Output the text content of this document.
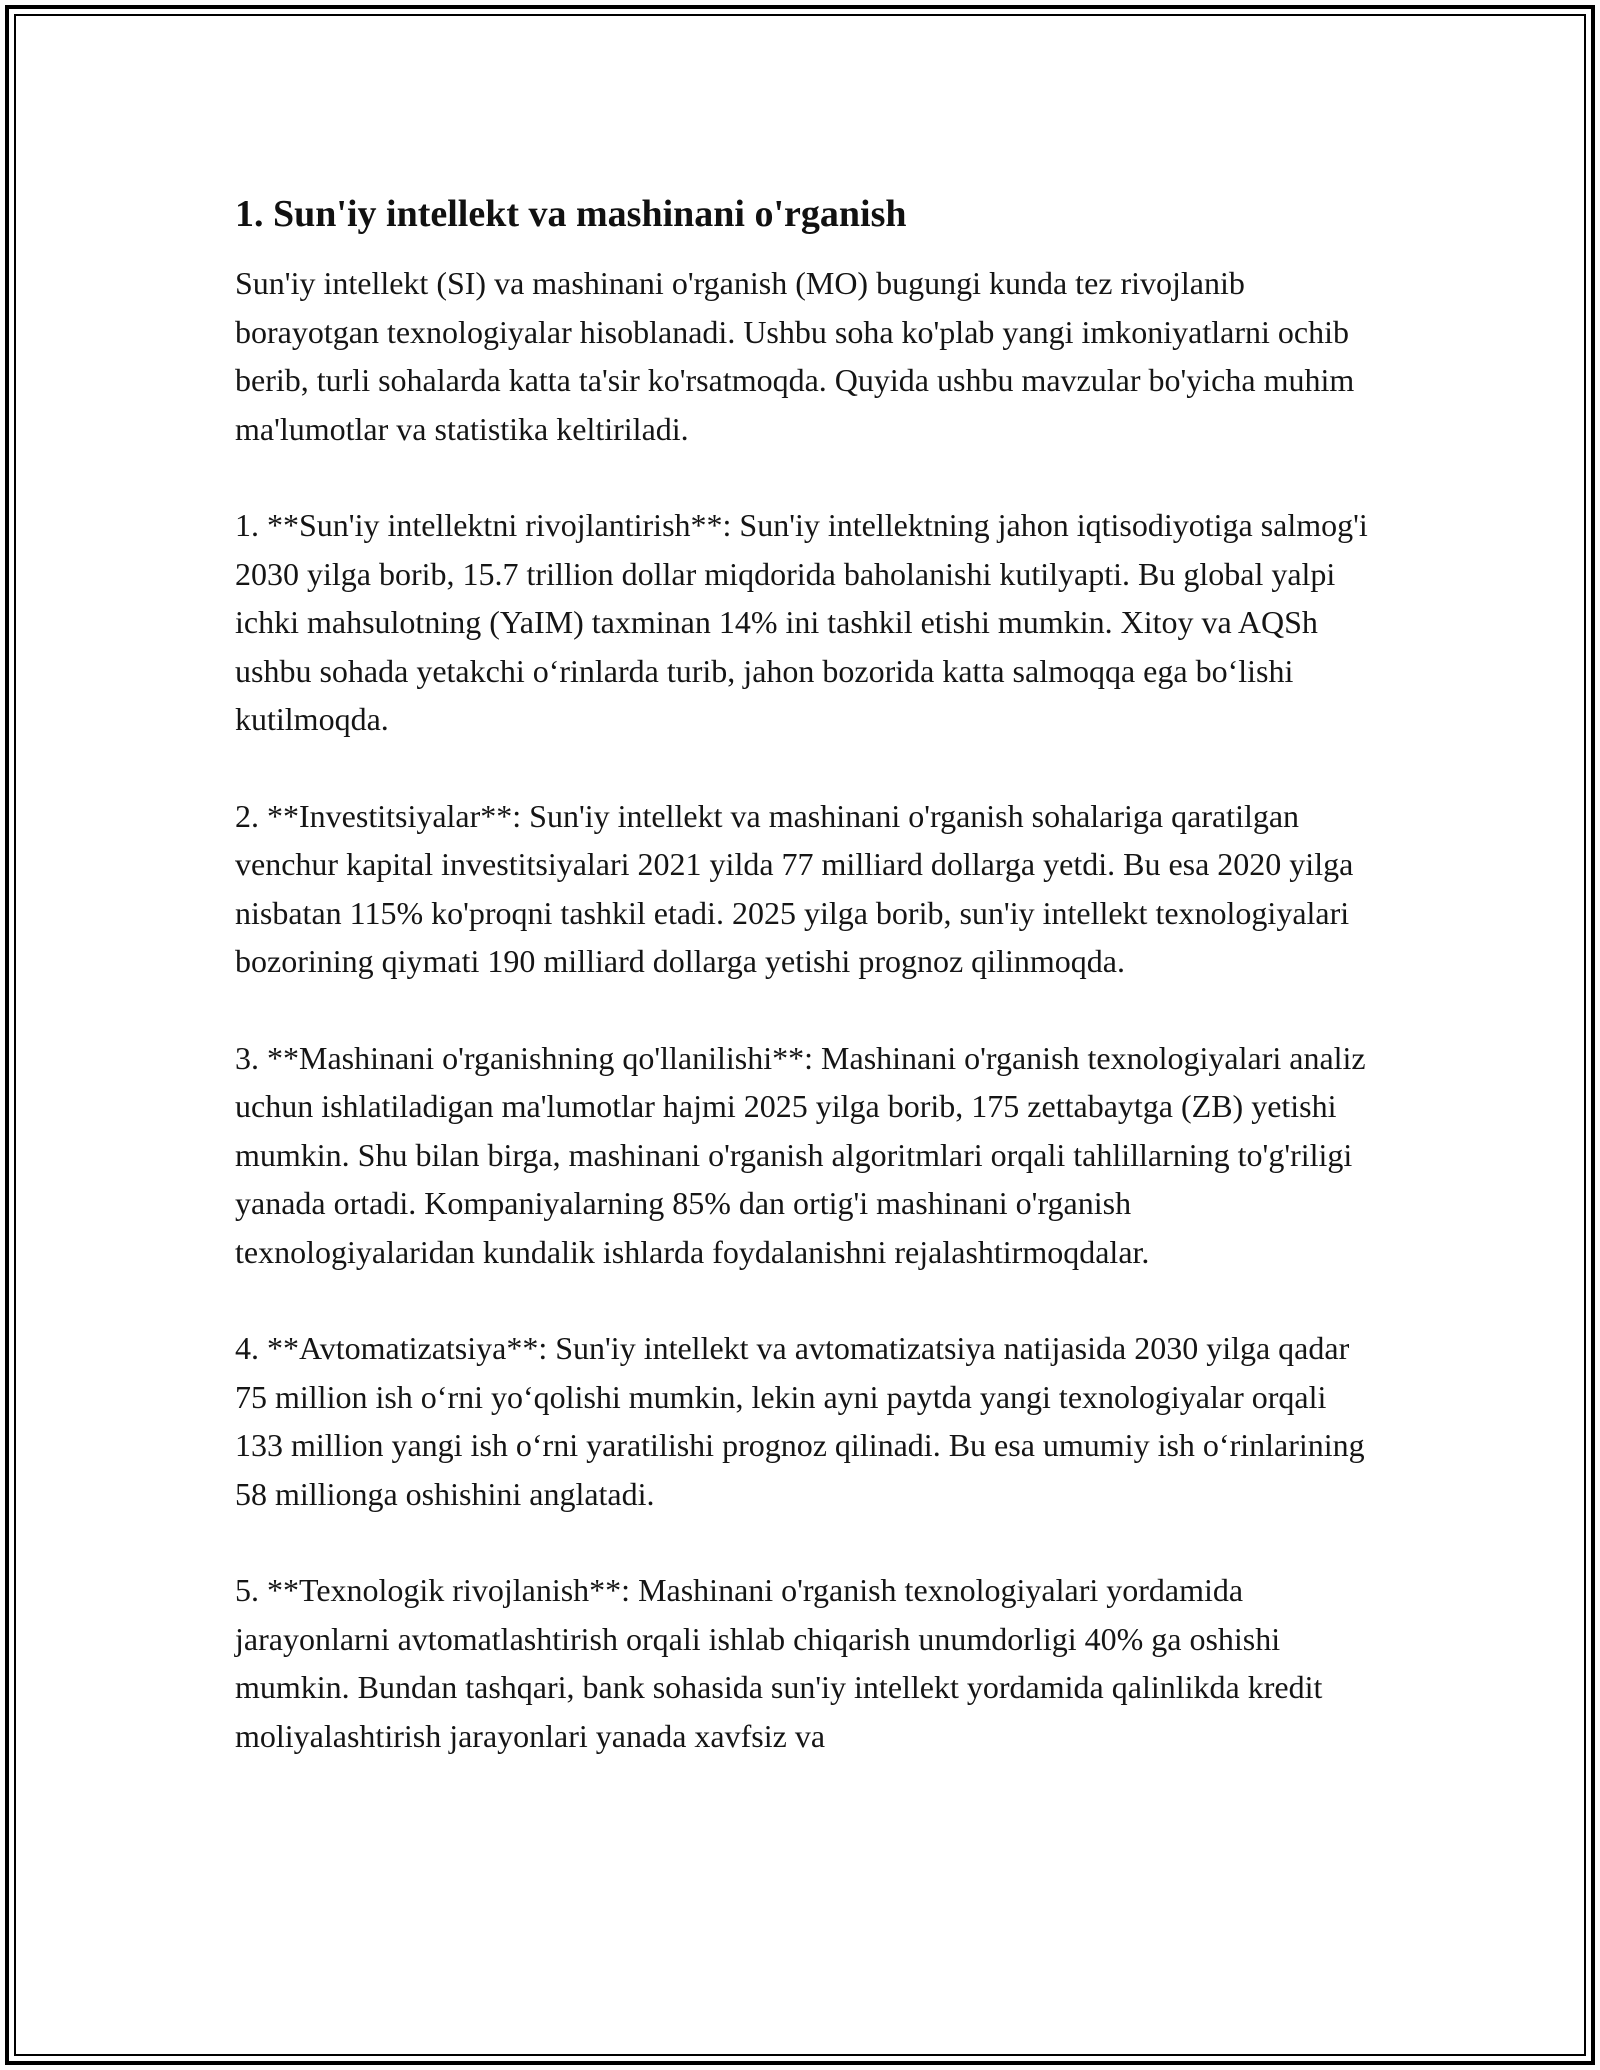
1. Sun'iy intellekt va mashinani o'rganish

Sun'iy intellekt (SI) va mashinani o'rganish (MO) bugungi kunda tez rivojlanib borayotgan texnologiyalar hisoblanadi. Ushbu soha ko'plab yangi imkoniyatlarni ochib berib, turli sohalarda katta ta'sir ko'rsatmoqda. Quyida ushbu mavzular bo'yicha muhim ma'lumotlar va statistika keltiriladi.

1. **Sun'iy intellektni rivojlantirish**: Sun'iy intellektning jahon iqtisodiyotiga salmog'i 2030 yilga borib, 15.7 trillion dollar miqdorida baholanishi kutilyapti. Bu global yalpi ichki mahsulotning (YaIM) taxminan 14% ini tashkil etishi mumkin. Xitoy va AQSh ushbu sohada yetakchi o‘rinlarda turib, jahon bozorida katta salmoqqa ega bo‘lishi kutilmoqda.

2. **Investitsiyalar**: Sun'iy intellekt va mashinani o'rganish sohalariga qaratilgan venchur kapital investitsiyalari 2021 yilda 77 milliard dollarga yetdi. Bu esa 2020 yilga nisbatan 115% ko'proqni tashkil etadi. 2025 yilga borib, sun'iy intellekt texnologiyalari bozorining qiymati 190 milliard dollarga yetishi prognoz qilinmoqda.

3. **Mashinani o'rganishning qo'llanilishi**: Mashinani o'rganish texnologiyalari analiz uchun ishlatiladigan ma'lumotlar hajmi 2025 yilga borib, 175 zettabaytga (ZB) yetishi mumkin. Shu bilan birga, mashinani o'rganish algoritmlari orqali tahlillarning to'g'riligi yanada ortadi. Kompaniyalarning 85% dan ortig'i mashinani o'rganish texnologiyalaridan kundalik ishlarda foydalanishni rejalashtirmoqdalar.

4. **Avtomatizatsiya**: Sun'iy intellekt va avtomatizatsiya natijasida 2030 yilga qadar 75 million ish o‘rni yo‘qolishi mumkin, lekin ayni paytda yangi texnologiyalar orqali 133 million yangi ish o‘rni yaratilishi prognoz qilinadi. Bu esa umumiy ish o‘rinlarining 58 millionga oshishini anglatadi.

5. **Texnologik rivojlanish**: Mashinani o'rganish texnologiyalari yordamida jarayonlarni avtomatlashtirish orqali ishlab chiqarish unumdorligi 40% ga oshishi mumkin. Bundan tashqari, bank sohasida sun'iy intellekt yordamida qalinlikda kredit moliyalashtirish jarayonlari yanada xavfsiz va
